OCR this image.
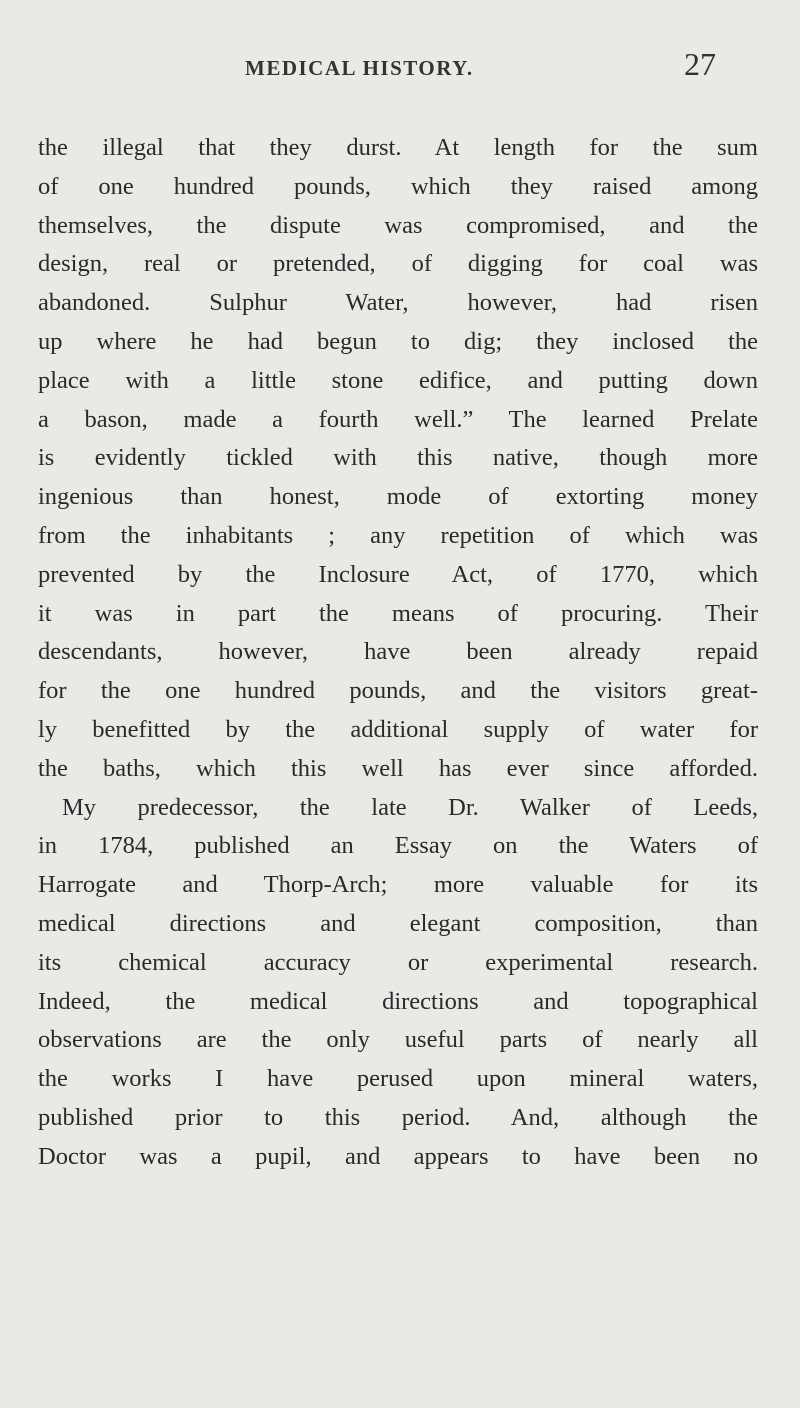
MEDICAL HISTORY.	27
the illegal that they durst. At length for the sum
of one hundred pounds, which they raised among
themselves, the dispute was compromised, and the
design, real or pretended, of digging for coal was
abandoned. Sulphur Water, however, had risen
up where he had begun to dig; they inclosed the
place with a little stone edifice, and putting down
a bason, made a fourth well.” The learned Prelate
is evidently tickled with this native, though more
ingenious than honest, mode of extorting money
from the inhabitants ; any repetition of which was
prevented by the Inclosure Act, of 1770, which
it was in part the means of procuring. Their
descendants, however, have been already repaid
for the one hundred pounds, and the visitors great-
ly benefitted by the additional supply of water for
the baths, which this well has ever since afforded.
My predecessor, the late Dr. Walker of Leeds,
in 1784, published an Essay on the Waters of
Harrogate and Thorp-Arch; more valuable for its
medical directions and elegant composition, than
its chemical accuracy or experimental research.
Indeed, the medical directions and topographical
observations are the only useful parts of nearly all
the works I have perused upon mineral waters,
published prior to this period. And, although the
Doctor was a pupil, and appears to have been no
